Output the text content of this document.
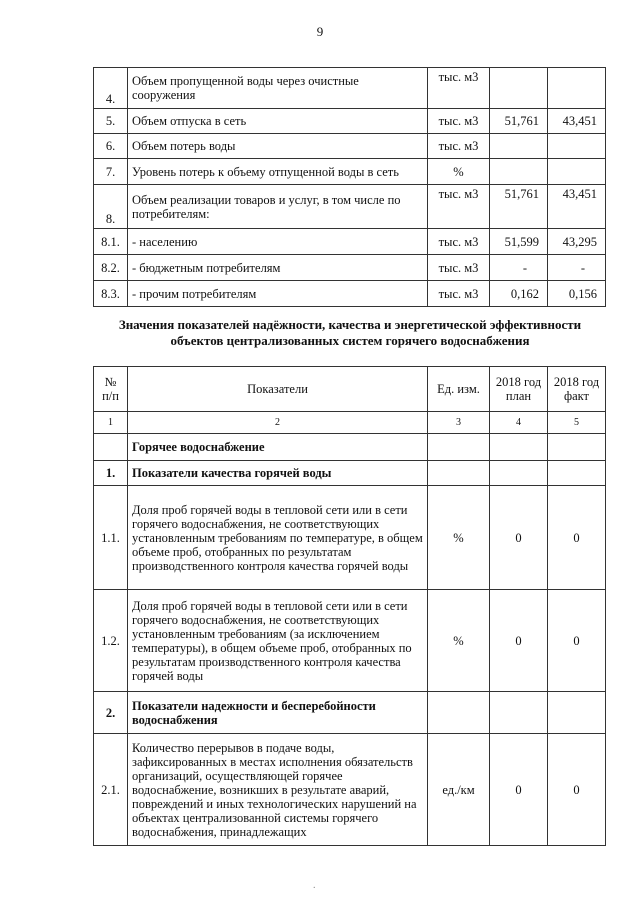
9
4.	Объем пропущенной воды через очистные сооружения	тыс. м3		
5.	Объем отпуска в сеть	тыс. м3	51,761	43,451
6.	Объем потерь воды	тыс. м3		
7.	Уровень потерь к объему отпущенной воды в сеть	%		
8.	Объем реализации товаров и услуг, в том числе по потребителям:	тыс. м3	51,761	43,451
8.1.	- населению	тыс. м3	51,599	43,295
8.2.	- бюджетным потребителям	тыс. м3	-	-
8.3.	- прочим потребителям	тыс. м3	0,162	0,156
Значения показателей надёжности, качества и энергетической эффективности
объектов централизованных систем горячего водоснабжения
№ п/п	Показатели	Ед. изм.	2018 год план	2018 год факт
1	2	3	4	5
	Горячее водоснабжение			
1.	Показатели качества горячей воды			
1.1.	Доля проб горячей воды в тепловой сети или в сети горячего водоснабжения, не соответствующих установленным требованиям по температуре, в общем объеме проб, отобранных по результатам производственного контроля качества горячей воды	%	0	0
1.2.	Доля проб горячей воды в тепловой сети или в сети горячего водоснабжения, не соответствующих установленным требованиям (за исключением температуры), в общем объеме проб, отобранных по результатам производственного контроля качества горячей воды	%	0	0
2.	Показатели надежности и бесперебойности водоснабжения			
2.1.	Количество перерывов в подаче воды, зафиксированных в местах исполнения обязательств организаций, осуществляющей горячее водоснабжение, возникших в результате аварий, повреждений и иных технологических нарушений на объектах централизованной системы горячего водоснабжения, принадлежащих	ед./км	0	0
.
